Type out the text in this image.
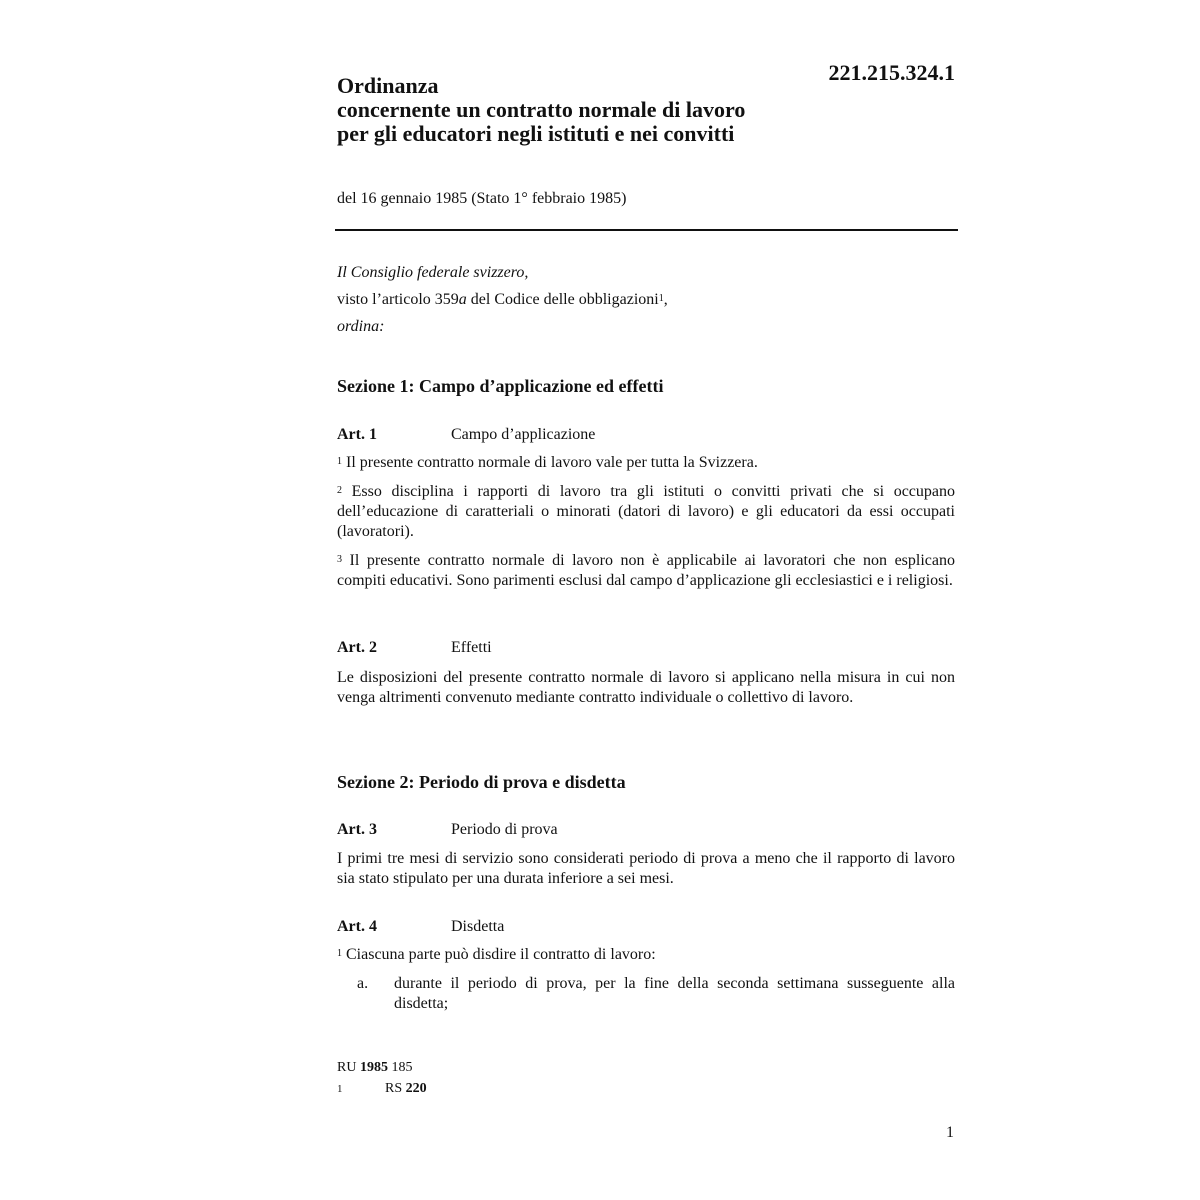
221.215.324.1
Ordinanza
concernente un contratto normale di lavoro
per gli educatori negli istituti e nei convitti
del 16 gennaio 1985 (Stato 1° febbraio 1985)
Il Consiglio federale svizzero,
visto l’articolo 359a del Codice delle obbligazioni$^1$,
ordina:
Sezione 1: Campo d’applicazione ed effetti
Art. 1	Campo d’applicazione
$^1$ Il presente contratto normale di lavoro vale per tutta la Svizzera.
$^2$ Esso disciplina i rapporti di lavoro tra gli istituti o convitti privati che si occupano dell’educazione di caratteriali o minorati (datori di lavoro) e gli educatori da essi occupati (lavoratori).
$^3$ Il presente contratto normale di lavoro non è applicabile ai lavoratori che non esplicano compiti educativi. Sono parimenti esclusi dal campo d’applicazione gli ecclesiastici e i religiosi.
Art. 2	Effetti
Le disposizioni del presente contratto normale di lavoro si applicano nella misura in cui non venga altrimenti convenuto mediante contratto individuale o collettivo di lavoro.
Sezione 2: Periodo di prova e disdetta
Art. 3	Periodo di prova
I primi tre mesi di servizio sono considerati periodo di prova a meno che il rapporto di lavoro sia stato stipulato per una durata inferiore a sei mesi.
Art. 4	Disdetta
$^1$ Ciascuna parte può disdire il contratto di lavoro:
a.	durante il periodo di prova, per la fine della seconda settimana susseguente alla disdetta;
RU 1985 185
1	RS 220
1
